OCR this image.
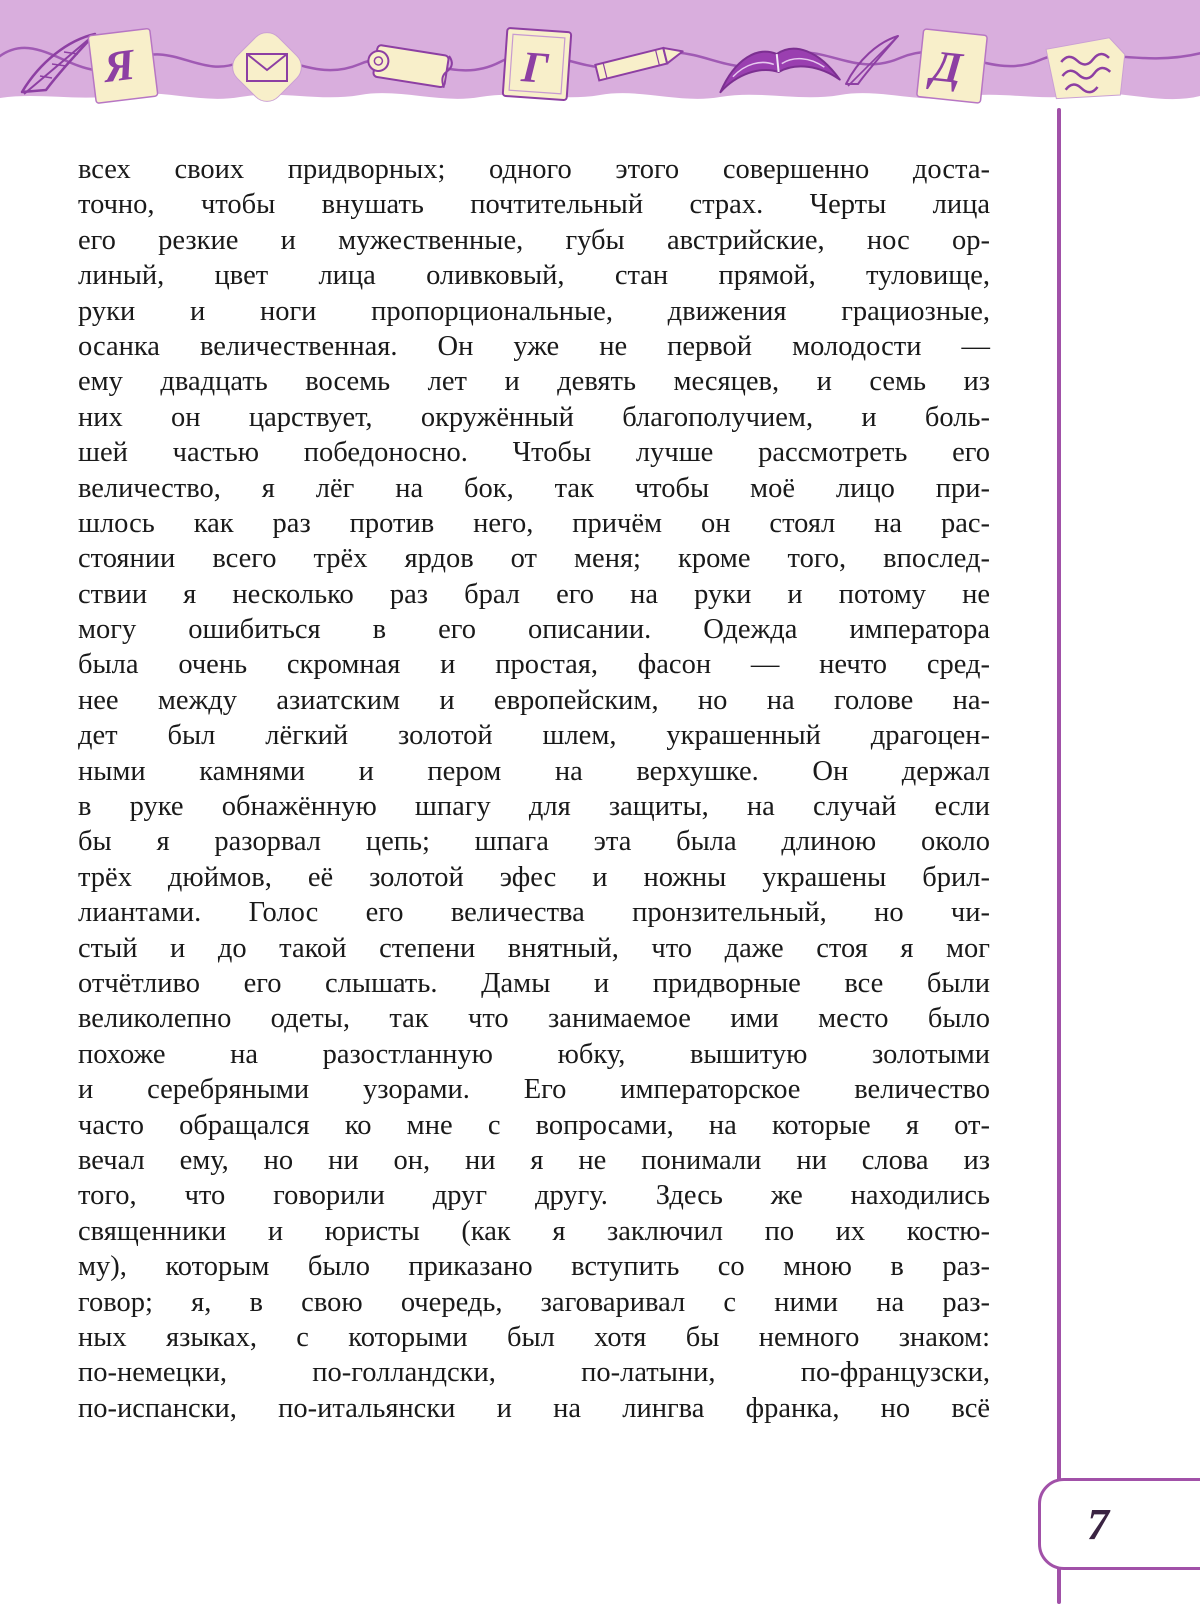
Я	Г	Д
всех своих придворных; одного этого совершенно доста-
точно, чтобы внушать почтительный страх. Черты лица
его резкие и мужественные, губы австрийские, нос ор-
линый, цвет лица оливковый, стан прямой, туловище,
руки и ноги пропорциональные, движения грациозные,
осанка величественная. Он уже не первой молодости —
ему двадцать восемь лет и девять месяцев, и семь из
них он царствует, окружённый благополучием, и боль-
шей частью победоносно. Чтобы лучше рассмотреть его
величество, я лёг на бок, так чтобы моё лицо при-
шлось как раз против него, причём он стоял на рас-
стоянии всего трёх ярдов от меня; кроме того, впослед-
ствии я несколько раз брал его на руки и потому не
могу ошибиться в его описании. Одежда императора
была очень скромная и простая, фасон — нечто сред-
нее между азиатским и европейским, но на голове на-
дет был лёгкий золотой шлем, украшенный драгоцен-
ными камнями и пером на верхушке. Он держал
в руке обнажённую шпагу для защиты, на случай если
бы я разорвал цепь; шпага эта была длиною около
трёх дюймов, её золотой эфес и ножны украшены брил-
лиантами. Голос его величества пронзительный, но чи-
стый и до такой степени внятный, что даже стоя я мог
отчётливо его слышать. Дамы и придворные все были
великолепно одеты, так что занимаемое ими место было
похоже на разостланную юбку, вышитую золотыми
и серебряными узорами. Его императорское величество
часто обращался ко мне с вопросами, на которые я от-
вечал ему, но ни он, ни я не понимали ни слова из
того, что говорили друг другу. Здесь же находились
священники и юристы (как я заключил по их костю-
му), которым было приказано вступить со мною в раз-
говор; я, в свою очередь, заговаривал с ними на раз-
ных языках, с которыми был хотя бы немного знаком:
по-немецки, по-голландски, по-латыни, по-французски,
по-испански, по-итальянски и на лингва франка, но всё
7
